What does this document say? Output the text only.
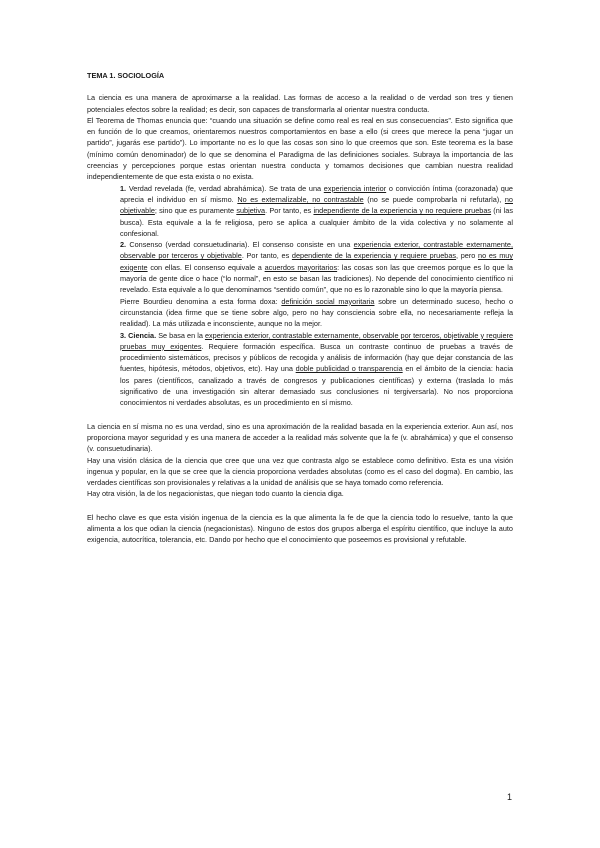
TEMA 1. SOCIOLOGÍA

La ciencia es una manera de aproximarse a la realidad. Las formas de acceso a la realidad o de verdad son tres y tienen potenciales efectos sobre la realidad; es decir, son capaces de transformarla al orientar nuestra conducta.

El Teorema de Thomas enuncia que: “cuando una situación se define como real es real en sus consecuencias”. Esto significa que en función de lo que creamos, orientaremos nuestros comportamientos en base a ello (si crees que merece la pena “jugar un partido”, jugarás ese partido”). Lo importante no es lo que las cosas son sino lo que creemos que son. Este teorema es la base (mínimo común denominador) de lo que se denomina el Paradigma de las definiciones sociales. Subraya la importancia de las creencias y percepciones porque estas orientan nuestra conducta y tomamos decisiones que cambian nuestra realidad independientemente de que esta exista o no exista.

1. Verdad revelada (fe, verdad abrahámica). Se trata de una experiencia interior o convicción íntima (corazonada) que aprecia el individuo en sí mismo. No es externalizable, no contrastable (no se puede comprobarla ni refutarla), no objetivable; sino que es puramente subjetiva. Por tanto, es independiente de la experiencia y no requiere pruebas (ni las busca). Esta equivale a la fe religiosa, pero se aplica a cualquier ámbito de la vida colectiva y no solamente al confesional.

2. Consenso (verdad consuetudinaria). El consenso consiste en una experiencia exterior, contrastable externamente, observable por terceros y objetivable. Por tanto, es dependiente de la experiencia y requiere pruebas, pero no es muy exigente con ellas. El consenso equivale a acuerdos mayoritarios: las cosas son las que creemos porque es lo que la mayoría de gente dice o hace (“lo normal”, en esto se basan las tradiciones). No depende del conocimiento científico ni revelado. Esta equivale a lo que denominamos “sentido común”, que no es lo razonable sino lo que la mayoría piensa.

Pierre Bourdieu denomina a esta forma doxa: definición social mayoritaria sobre un determinado suceso, hecho o circunstancia (idea firme que se tiene sobre algo, pero no hay consciencia sobre ella, no necesariamente refleja la realidad). La más utilizada e inconsciente, aunque no la mejor.

3. Ciencia. Se basa en la experiencia exterior, contrastable externamente, observable por terceros, objetivable y requiere pruebas muy exigentes. Requiere formación específica. Busca un contraste continuo de pruebas a través de procedimiento sistemáticos, precisos y públicos de recogida y análisis de información (hay que dejar constancia de las fuentes, hipótesis, métodos, objetivos, etc). Hay una doble publicidad o transparencia en el ámbito de la ciencia: hacia los pares (científicos, canalizado a través de congresos y publicaciones científicas) y externa (traslada lo más significativo de una investigación sin alterar demasiado sus conclusiones ni tergiversarla). No nos proporciona conocimientos ni verdades absolutas, es un procedimiento en sí mismo.

La ciencia en sí misma no es una verdad, sino es una aproximación de la realidad basada en la experiencia exterior. Aun así, nos proporciona mayor seguridad y es una manera de acceder a la realidad más solvente que la fe (v. abrahámica) y que el consenso (v. consuetudinaria).

Hay una visión clásica de la ciencia que cree que una vez que contrasta algo se establece como definitivo. Esta es una visión ingenua y popular, en la que se cree que la ciencia proporciona verdades absolutas (como es el caso del dogma). En cambio, las verdades científicas son provisionales y relativas a la unidad de análisis que se haya tomado como referencia.

Hay otra visión, la de los negacionistas, que niegan todo cuanto la ciencia diga.

El hecho clave es que esta visión ingenua de la ciencia es la que alimenta la fe de que la ciencia todo lo resuelve, tanto la que alimenta a los que odian la ciencia (negacionistas). Ninguno de estos dos grupos alberga el espíritu científico, que incluye la auto exigencia, autocrítica, tolerancia, etc. Dando por hecho que el conocimiento que poseemos es provisional y refutable.

1
